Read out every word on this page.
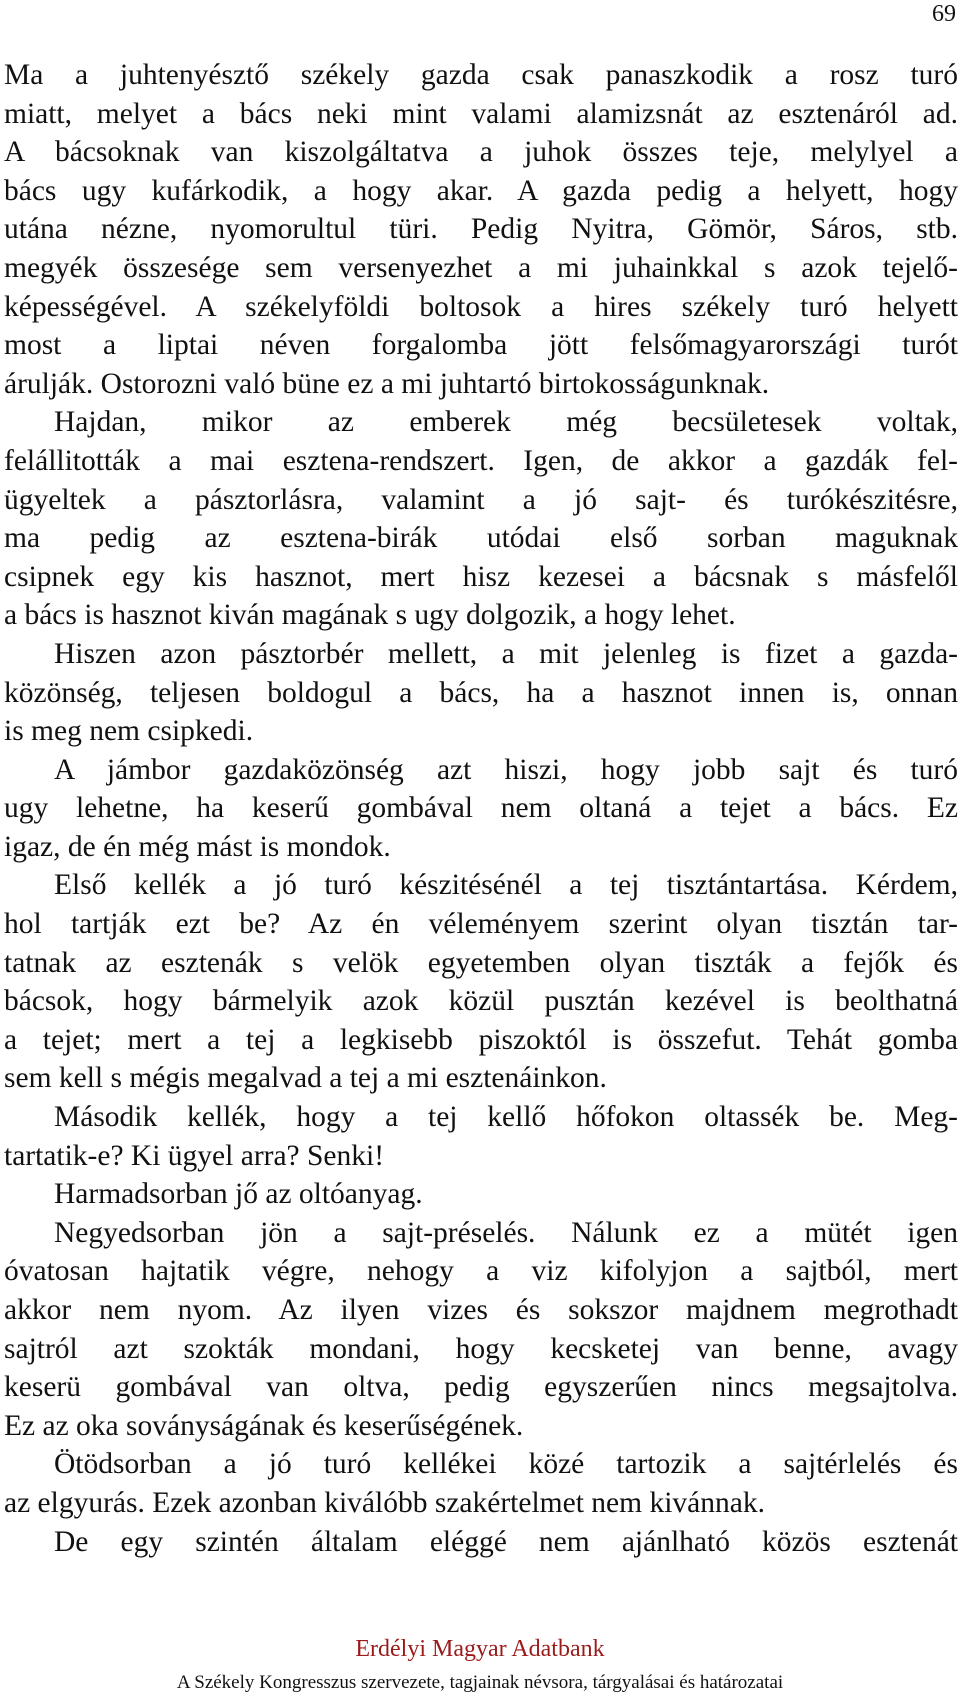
69
Ma a juhtenyésztő székely gazda csak panaszkodik a rosz turó
miatt, melyet a bács neki mint valami alamizsnát az esztenáról ad.
A bácsoknak van kiszolgáltatva a juhok összes teje, melylyel a
bács ugy kufárkodik, a hogy akar. A gazda pedig a helyett, hogy
utána nézne, nyomorultul türi. Pedig Nyitra, Gömör, Sáros, stb.
megyék összesége sem versenyezhet a mi juhainkkal s azok tejelő-
képességével. A székelyföldi boltosok a hires székely turó helyett
most a liptai néven forgalomba jött felsőmagyarországi turót
árulják. Ostorozni való büne ez a mi juhtartó birtokosságunknak.
Hajdan, mikor az emberek még becsületesek voltak,
felállitották a mai esztena-rendszert. Igen, de akkor a gazdák fel-
ügyeltek a pásztorlásra, valamint a jó sajt- és turókészitésre,
ma pedig az esztena-birák utódai első sorban maguknak
csipnek egy kis hasznot, mert hisz kezesei a bácsnak s másfelől
a bács is hasznot kiván magának s ugy dolgozik, a hogy lehet.
Hiszen azon pásztorbér mellett, a mit jelenleg is fizet a gazda-
közönség, teljesen boldogul a bács, ha a hasznot innen is, onnan
is meg nem csipkedi.
A jámbor gazdaközönség azt hiszi, hogy jobb sajt és turó
ugy lehetne, ha keserű gombával nem oltaná a tejet a bács. Ez
igaz, de én még mást is mondok.
Első kellék a jó turó készitésénél a tej tisztántartása. Kérdem,
hol tartják ezt be? Az én véleményem szerint olyan tisztán tar-
tatnak az esztenák s velök egyetemben olyan tiszták a fejők és
bácsok, hogy bármelyik azok közül pusztán kezével is beolthatná
a tejet; mert a tej a legkisebb piszoktól is összefut. Tehát gomba
sem kell s mégis megalvad a tej a mi esztenáinkon.
Második kellék, hogy a tej kellő hőfokon oltassék be. Meg-
tartatik-e? Ki ügyel arra? Senki!
Harmadsorban jő az oltóanyag.
Negyedsorban jön a sajt-préselés. Nálunk ez a mütét igen
óvatosan hajtatik végre, nehogy a viz kifolyjon a sajtból, mert
akkor nem nyom. Az ilyen vizes és sokszor majdnem megrothadt
sajtról azt szokták mondani, hogy kecsketej van benne, avagy
keserü gombával van oltva, pedig egyszerűen nincs megsajtolva.
Ez az oka soványságának és keserűségének.
Ötödsorban a jó turó kellékei közé tartozik a sajtérlelés és
az elgyurás. Ezek azonban kiválóbb szakértelmet nem kivánnak.
De egy szintén általam eléggé nem ajánlható közös esztenát
Erdélyi Magyar Adatbank
A Székely Kongresszus szervezete, tagjainak névsora, tárgyalásai és határozatai
